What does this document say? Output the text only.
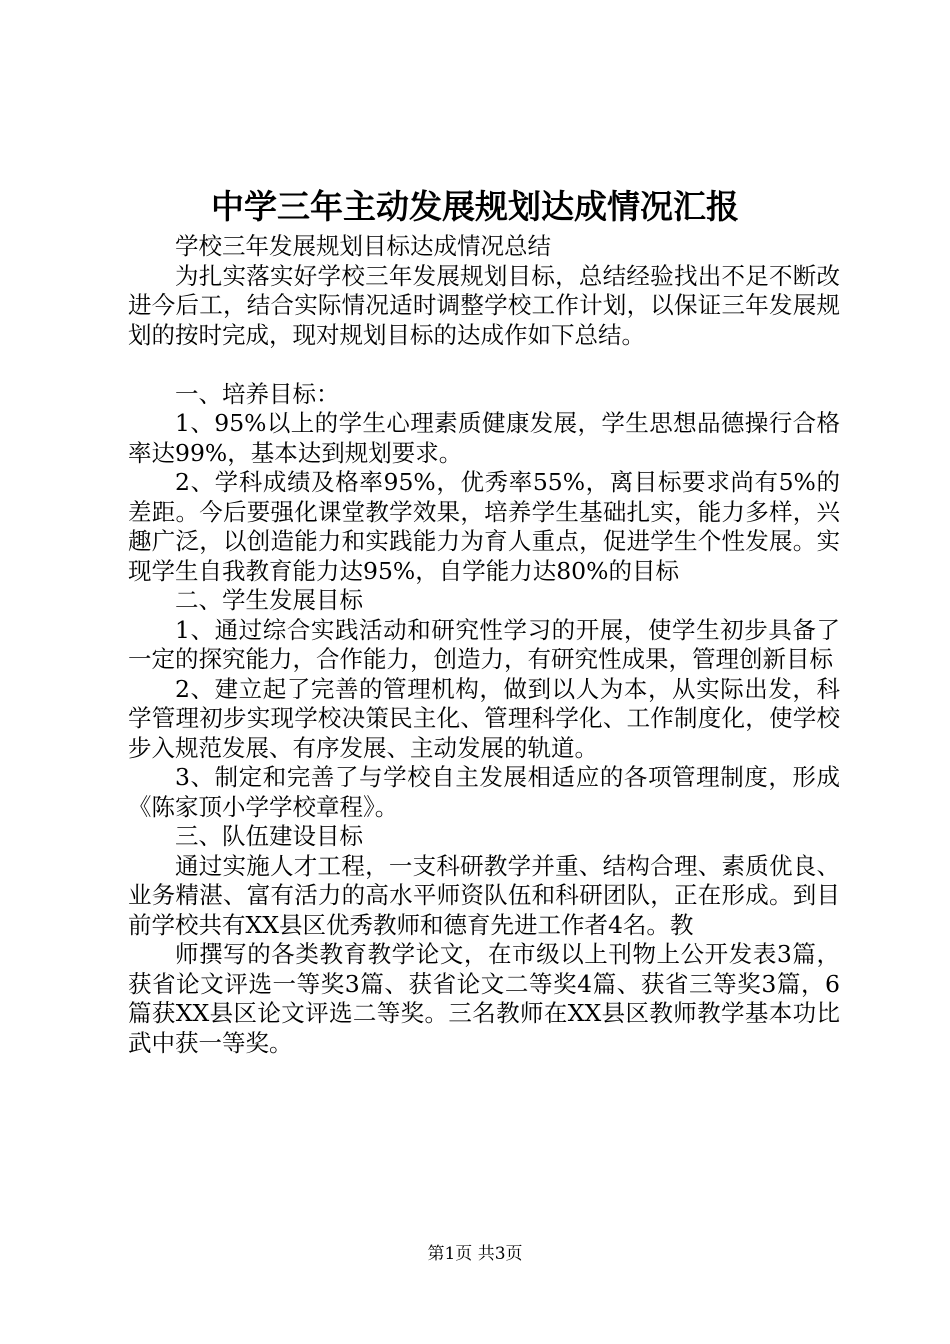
中学三年主动发展规划达成情况汇报

学校三年发展规划目标达成情况总结

为扎实落实好学校三年发展规划目标，总结经验找出不足不断改进今后工，结合实际情况适时调整学校工作计划，以保证三年发展规划的按时完成，现对规划目标的达成作如下总结。

一、培养目标：

1、95%以上的学生心理素质健康发展，学生思想品德操行合格率达99%，基本达到规划要求。

2、学科成绩及格率95%，优秀率55%，离目标要求尚有5%的差距。今后要强化课堂教学效果，培养学生基础扎实，能力多样，兴趣广泛，以创造能力和实践能力为育人重点，促进学生个性发展。实现学生自我教育能力达95%，自学能力达80%的目标

二、学生发展目标

1、通过综合实践活动和研究性学习的开展，使学生初步具备了一定的探究能力，合作能力，创造力，有研究性成果，管理创新目标

2、建立起了完善的管理机构，做到以人为本，从实际出发，科学管理初步实现学校决策民主化、管理科学化、工作制度化，使学校步入规范发展、有序发展、主动发展的轨道。

3、制定和完善了与学校自主发展相适应的各项管理制度，形成《陈家顶小学学校章程》。

三、队伍建设目标

通过实施人才工程，一支科研教学并重、结构合理、素质优良、业务精湛、富有活力的高水平师资队伍和科研团队，正在形成。到目前学校共有XX县区优秀教师和德育先进工作者4名。教

师撰写的各类教育教学论文，在市级以上刊物上公开发表3篇，获省论文评选一等奖3篇、获省论文二等奖4篇、获省三等奖3篇，6篇获XX县区论文评选二等奖。三名教师在XX县区教师教学基本功比武中获一等奖。

第1页 共3页
